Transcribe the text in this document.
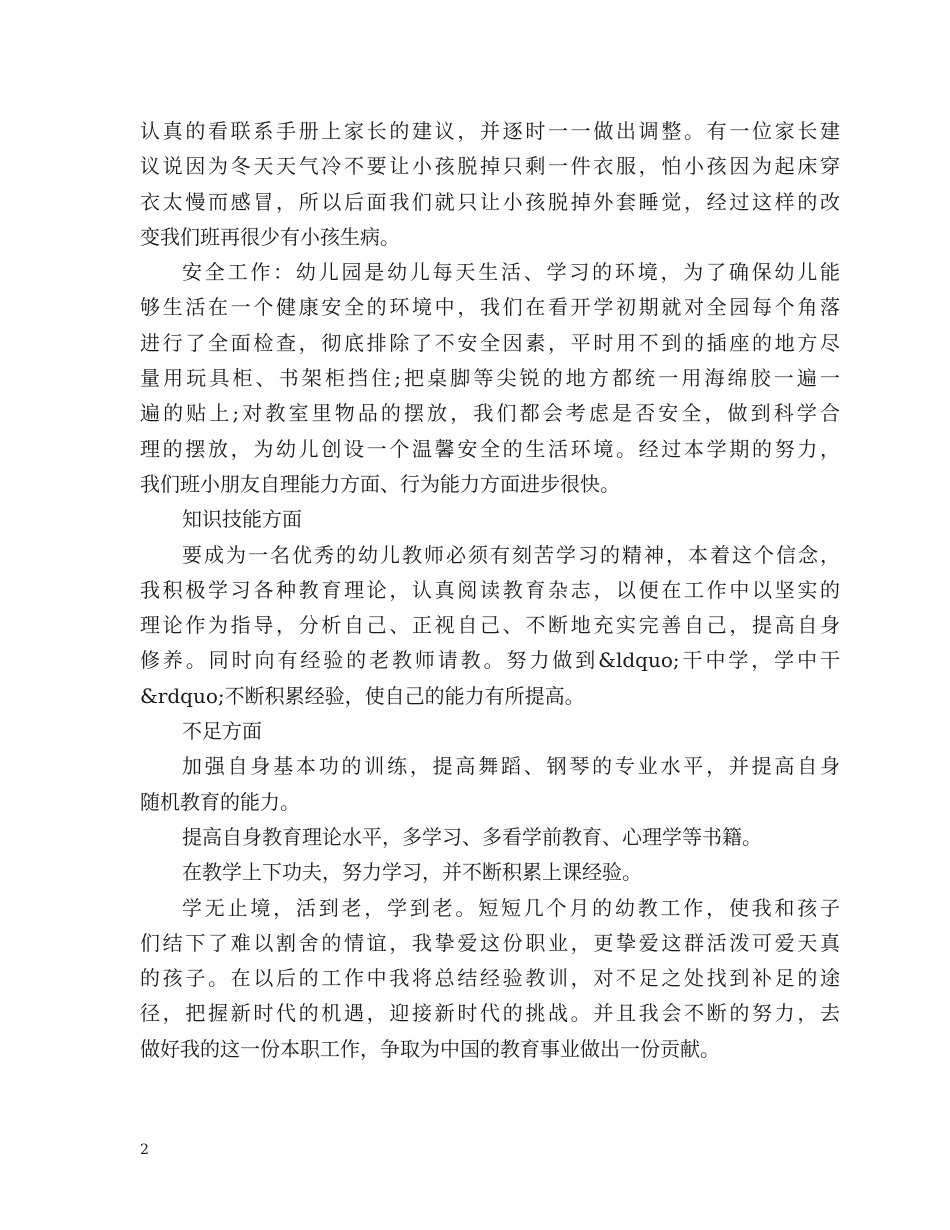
认真的看联系手册上家长的建议，并逐时一一做出调整。有一位家长建
议说因为冬天天气冷不要让小孩脱掉只剩一件衣服，怕小孩因为起床穿
衣太慢而感冒，所以后面我们就只让小孩脱掉外套睡觉，经过这样的改
变我们班再很少有小孩生病。
安全工作：幼儿园是幼儿每天生活、学习的环境，为了确保幼儿能
够生活在一个健康安全的环境中，我们在看开学初期就对全园每个角落
进行了全面检查，彻底排除了不安全因素，平时用不到的插座的地方尽
量用玩具柜、书架柜挡住;把桌脚等尖锐的地方都统一用海绵胶一遍一
遍的贴上;对教室里物品的摆放，我们都会考虑是否安全，做到科学合
理的摆放，为幼儿创设一个温馨安全的生活环境。经过本学期的努力，
我们班小朋友自理能力方面、行为能力方面进步很快。
知识技能方面
要成为一名优秀的幼儿教师必须有刻苦学习的精神，本着这个信念，
我积极学习各种教育理论，认真阅读教育杂志，以便在工作中以坚实的
理论作为指导，分析自己、正视自己、不断地充实完善自己，提高自身
修养。同时向有经验的老教师请教。努力做到&ldquo;干中学，学中干
&rdquo;不断积累经验，使自己的能力有所提高。
不足方面
加强自身基本功的训练，提高舞蹈、钢琴的专业水平，并提高自身
随机教育的能力。
提高自身教育理论水平，多学习、多看学前教育、心理学等书籍。
在教学上下功夫，努力学习，并不断积累上课经验。
学无止境，活到老，学到老。短短几个月的幼教工作，使我和孩子
们结下了难以割舍的情谊，我挚爱这份职业，更挚爱这群活泼可爱天真
的孩子。在以后的工作中我将总结经验教训，对不足之处找到补足的途
径，把握新时代的机遇，迎接新时代的挑战。并且我会不断的努力，去
做好我的这一份本职工作，争取为中国的教育事业做出一份贡献。
2
